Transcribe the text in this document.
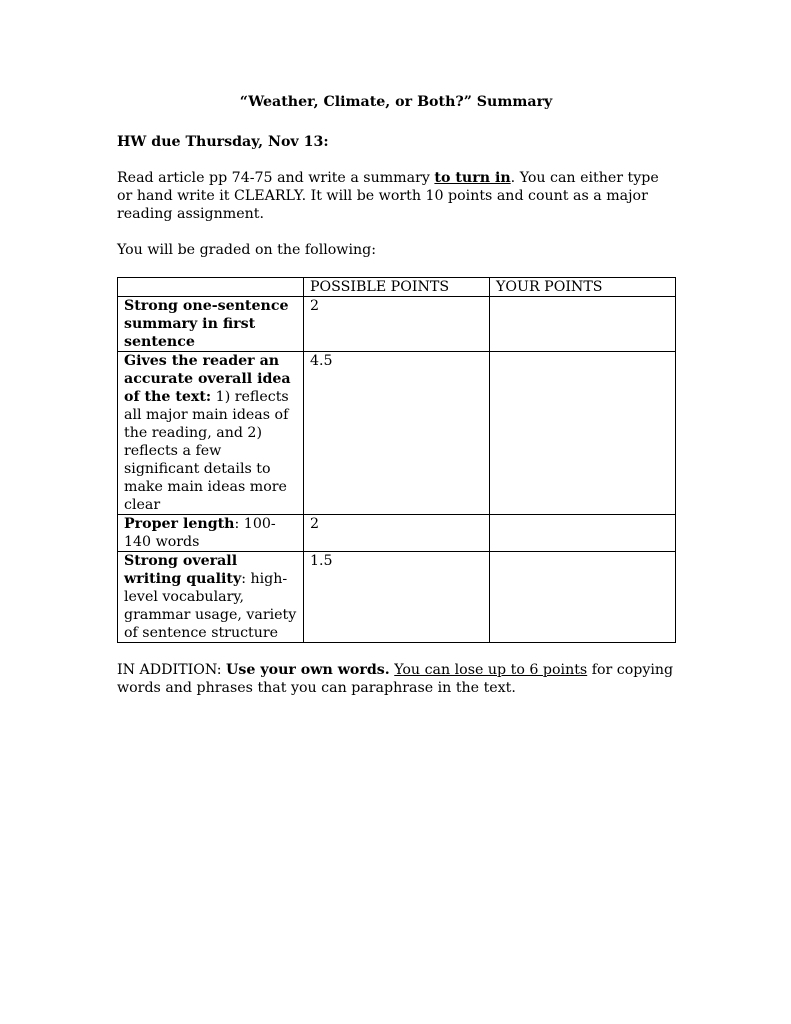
“Weather, Climate, or Both?” Summary

HW due Thursday, Nov 13:

Read article pp 74-75 and write a summary to turn in. You can either type or hand write it CLEARLY. It will be worth 10 points and count as a major reading assignment.

You will be graded on the following:

	POSSIBLE POINTS	YOUR POINTS
Strong one-sentence summary in first sentence	2	
Gives the reader an accurate overall idea of the text: 1) reflects all major main ideas of the reading, and 2) reflects a few significant details to make main ideas more clear	4.5	
Proper length: 100-140 words	2	
Strong overall writing quality: high-level vocabulary, grammar usage, variety of sentence structure	1.5	

IN ADDITION: Use your own words. You can lose up to 6 points for copying words and phrases that you can paraphrase in the text.
